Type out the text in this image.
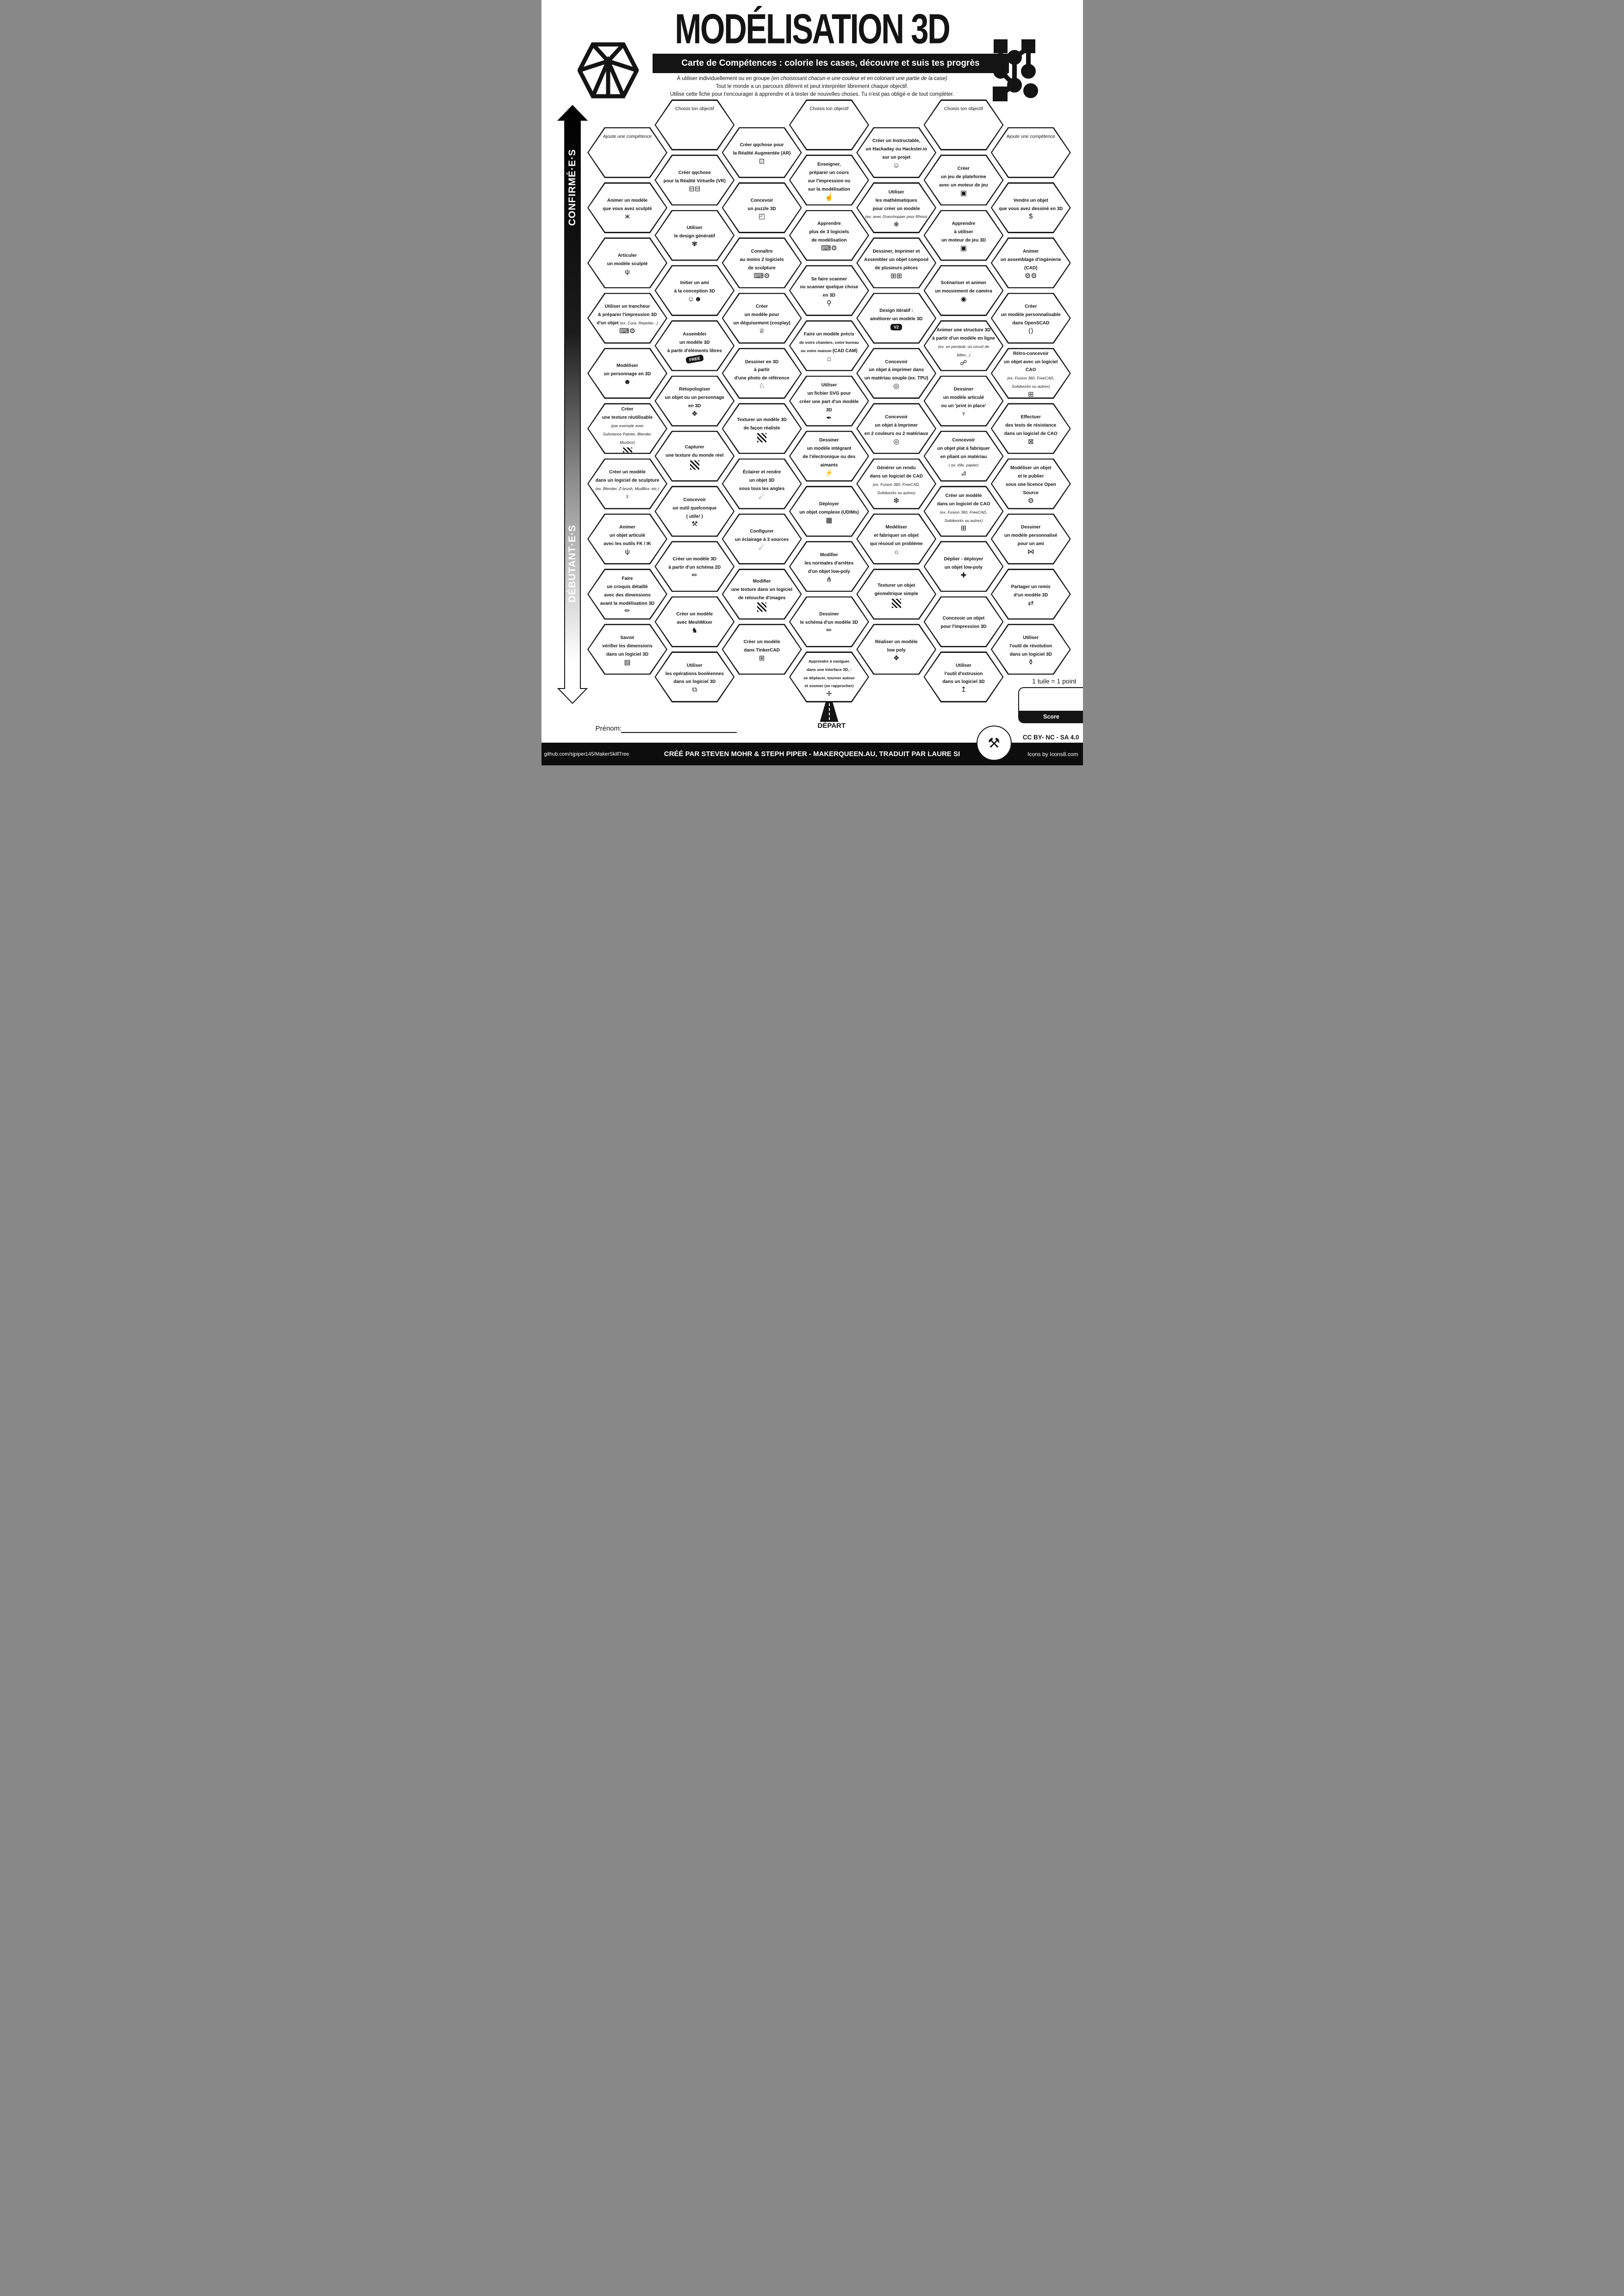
MODÉLISATION 3D
Carte de Compétences : colorie les cases, découvre et suis tes progrès
À utiliser individuellement ou en groupe (en choisissant chacun·e une couleur et en coloriant une partie de la case)
Tout le monde a un parcours diférent et peut interpréter librement chaque objectif.
Utilise cette fiche pour t'encourager à apprendre et à tester de nouvelles choses. Tu n'est pas obligé·e de tout compléter.
CONFIRMÉ·E·S
DÉBUTANT·E·S
Ajoute une compétence
Animer un modèle
que vous avez sculpté
ж
Articuler
un modèle sculpté
ψ
Utiliser un trancheur
& préparer l'impression 3D
d'un objet (ex. Cura, Repetier...)
⌨⚙
Modéliser
un personnage en 3D
☻
Créer
une texture réutilisable
(par exemple avec
Substance Painter, Blender, Muxbox)
Créer un modèle
dans un logiciel de sculpture
(ex. Blender, Z-brush, MudBox, etc.)
♀
Animer
un objet articulé
avec les outils FK / IK
ψ
Faire
un croquis détaillé
avec des dimensions
avant la modélisation 3D
✏
Savoir
vérifier les dimensions
dans un logiciel 3D
▤
Choisis ton objectif
Créer qqchose
pour la Réalité Virtuelle (VR)
⊟⊟
Utiliser
le design génératif
✾
Initier un ami
à la conception 3D
☺☻
Assembler
un modèle 3D
à partir d'éléments libres
FREE
Rétopologiser
un objet ou un personnage
en 3D
❖
Capturer
une texture du monde réel
Concevoir
un outil quelconque
( utile! )
⚒
Créer un modèle 3D
à partir d'un schéma 2D
✏
Créer un modèle
avec MeshMixer
♞
Utiliser
les opérations booléennes
dans un logiciel 3D
⧉
Créer qqchose pour
la Réalité Augmentée (AR)
⊡
Concevoir
un puzzle 3D
◰
Connaître
au moins 2 logiciels
de sculpture
⌨⚙
Créer
un modèle pour
un déguisement (cosplay)
♕
Dessiner en 3D
à partir
d'une photo de référence
♘
Texturer un modèle 3D
de façon réaliste
Éclairer et rendre
un objet 3D
sous tous les angles
☄
Configurer
un éclairage à 3 sources
☄
Modifier
une texture dans un logiciel
de retouche d'images
Créer un modèle
dans TinkerCAD
⊞
Choisis ton objectif
Enseigner,
préparer un cours
sur l'impression ou
sur la modélisation
☝
Apprendre
plus de 3 logiciels
de modélisation
⌨⚙
Se faire scanner
ou scanner quelque chose
en 3D
⚲
Faire un modèle précis
de votre chambre, votre bureau
ou votre maison (CAD CAM)
⌂
Utiliser
un fichier SVG pour
créer une part d'un modèle 3D
✒
Dessiner
un modèle intégrant
de l'électronique ou des aimants
⚡
Déployer
un objet complexe (UDIMs)
▦
Modifier
les normales d'arrêtes
d'un objet low-poly
⋔
Dessiner
le schéma d'un modèle 3D
✏
Apprendre à naviguer
dans une interface 3D, :
se déplacer, tourner autour
et zoomer (se rapprocher)
✛
Créer un Instructable,
un Hackaday ou Hackster.io
sur un projet
☺
Utiliser
les mathématiques
pour créer un modèle
(ex. avec Grasshopper pour Rhino)
❄
Dessiner, Imprimer et
Assembler un objet composé
de plusieurs pièces
⊞⊞
Design itératif :
améliorer un modèle 3D
V2
Concevoir
un objet à imprimer dans
un matériau souple (ex. TPU)
◎
Concevoir
un objet à imprimer
en 2 couleurs ou 2 matériaux
◎
Générer un rendu
dans un logiciel de CAD
(ex. Fusion 360, FreeCAD,
Solidworks ou autres)
❇
Modéliser
et fabriquer un objet
qui résoud un problème
☼
Texturer un objet
géométrique simple
Réaliser un modèle
low poly
❖
Choisis ton objectif
Créer
un jeu de plateforme
avec un moteur de jeu
▣
Apprendre
à utiliser
un moteur de jeu 3D
▣
Scénariser et animer
un mouvement de caméra
◉
Animer une structure 3D
à partir d'un modèle en ligne
(ex. un pendule, un circuit de billes...)
☍
Dessiner
un modèle articulé
ou un 'print in place'
♆
Concevoir
un objet plat à fabriquer
en pliant un matériau
( ex. tôle, papier)
⊿
Créer un modèle
dans un logiciel de CAO
(ex. Fusion 360, FreeCAD,
Solidworks ou autres)
⊞
Déplier - déployer
un objet low-poly
✚
Concevoir un objet
pour l'impression 3D
Utiliser
l'outil d'extrusion
dans un logiciel 3D
↥
Ajoute une compétence
Vendre un objet
que vous avez dessiné en 3D
$
Animer
un assemblage d'ingénierie
(CAD)
⚙⚙
Créer
un modèle personnalisable
dans OpenSCAD
⟨⟩
Rétro-concevoir
un objet avec un logiciel CAO
(ex. Fusion 360, FreeCAD,
Solidworks ou autres)
⊞
Effectuer
des tests de résistance
dans un logiciel de CAO
⊠
Modéliser un objet
et le publier
sous une licence Open Source
⚙
Dessiner
un modèle personnalisé
pour un ami
⋈
Partager un remix
d'un modèle 3D
⇄
Utiliser
l'outil de révolution
dans un logiciel 3D
⚱
DÉPART
Prénom:
1 tuile = 1 point
Score
CC BY- NC - SA 4.0
⚒
github.com/sjpiper145/MakerSkillTree	CRÉÉ PAR STEVEN MOHR & STEPH PIPER - MAKERQUEEN.AU, TRADUIT PAR LAURE SI	Icons by Icons8.com
